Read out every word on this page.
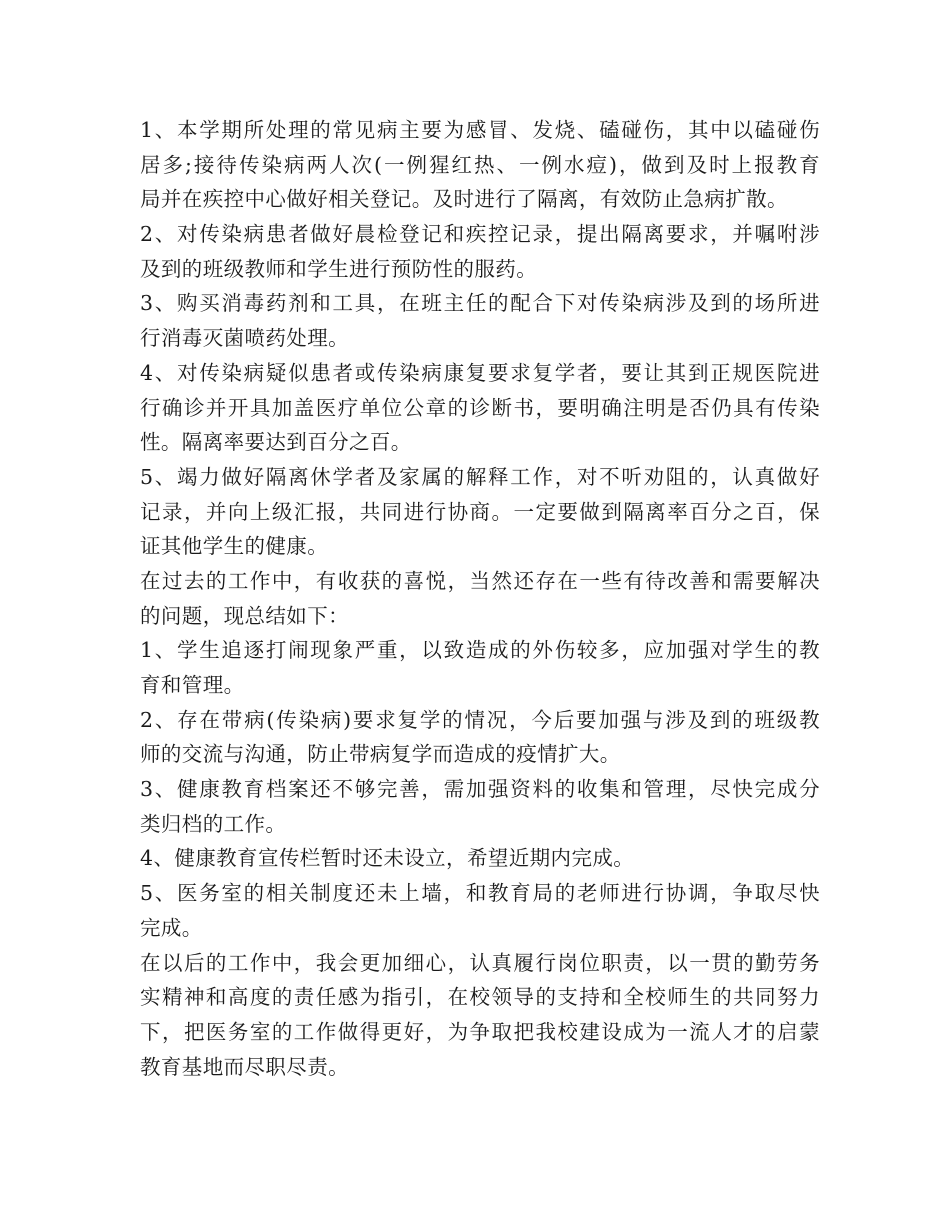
1、本学期所处理的常见病主要为感冒、发烧、磕碰伤，其中以磕碰伤
居多;接待传染病两人次(一例猩红热、一例水痘)，做到及时上报教育
局并在疾控中心做好相关登记。及时进行了隔离，有效防止急病扩散。
2、对传染病患者做好晨检登记和疾控记录，提出隔离要求，并嘱咐涉
及到的班级教师和学生进行预防性的服药。
3、购买消毒药剂和工具，在班主任的配合下对传染病涉及到的场所进
行消毒灭菌喷药处理。
4、对传染病疑似患者或传染病康复要求复学者，要让其到正规医院进
行确诊并开具加盖医疗单位公章的诊断书，要明确注明是否仍具有传染
性。隔离率要达到百分之百。
5、竭力做好隔离休学者及家属的解释工作，对不听劝阻的，认真做好
记录，并向上级汇报，共同进行协商。一定要做到隔离率百分之百，保
证其他学生的健康。
在过去的工作中，有收获的喜悦，当然还存在一些有待改善和需要解决
的问题，现总结如下：
1、学生追逐打闹现象严重，以致造成的外伤较多，应加强对学生的教
育和管理。
2、存在带病(传染病)要求复学的情况，今后要加强与涉及到的班级教
师的交流与沟通，防止带病复学而造成的疫情扩大。
3、健康教育档案还不够完善，需加强资料的收集和管理，尽快完成分
类归档的工作。
4、健康教育宣传栏暂时还未设立，希望近期内完成。
5、医务室的相关制度还未上墙，和教育局的老师进行协调，争取尽快
完成。
在以后的工作中，我会更加细心，认真履行岗位职责，以一贯的勤劳务
实精神和高度的责任感为指引，在校领导的支持和全校师生的共同努力
下，把医务室的工作做得更好，为争取把我校建设成为一流人才的启蒙
教育基地而尽职尽责。
